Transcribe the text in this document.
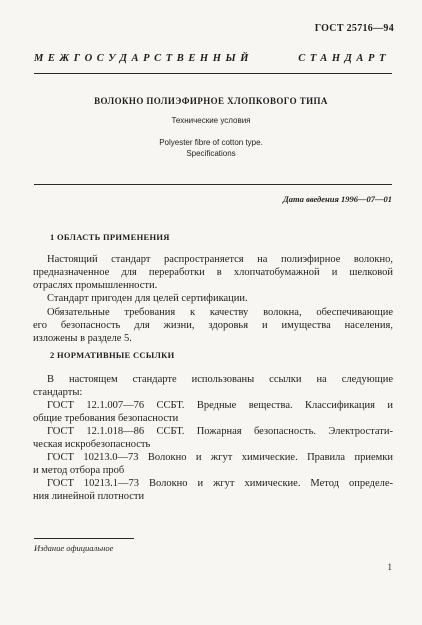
ГОСТ 25716—94
МЕЖГОСУДАРСТВЕННЫЙ СТАНДАРТ
ВОЛОКНО ПОЛИЭФИРНОЕ ХЛОПКОВОГО ТИПА
Технические условия
Polyester fibre of cotton type.
Specifications
Дата введения 1996—07—01
1 ОБЛАСТЬ ПРИМЕНЕНИЯ
Настоящий стандарт распространяется на полиэфирное волокно,
предназначенное для переработки в хлопчатобумажной и шелковой
отраслях промышленности.
Стандарт пригоден для целей сертификации.
Обязательные требования к качеству волокна, обеспечивающие
его безопасность для жизни, здоровья и имущества населения,
изложены в разделе 5.
2 НОРМАТИВНЫЕ ССЫЛКИ
В настоящем стандарте использованы ссылки на следующие
стандарты:
ГОСТ 12.1.007—76 ССБТ. Вредные вещества. Классификация и
общие требования безопасности
ГОСТ 12.1.018—86 ССБТ. Пожарная безопасность. Электростати-
ческая искробезопасность
ГОСТ 10213.0—73 Волокно и жгут химические. Правила приемки
и метод отбора проб
ГОСТ 10213.1—73 Волокно и жгут химические. Метод определе-
ния линейной плотности
Издание официальное
1
